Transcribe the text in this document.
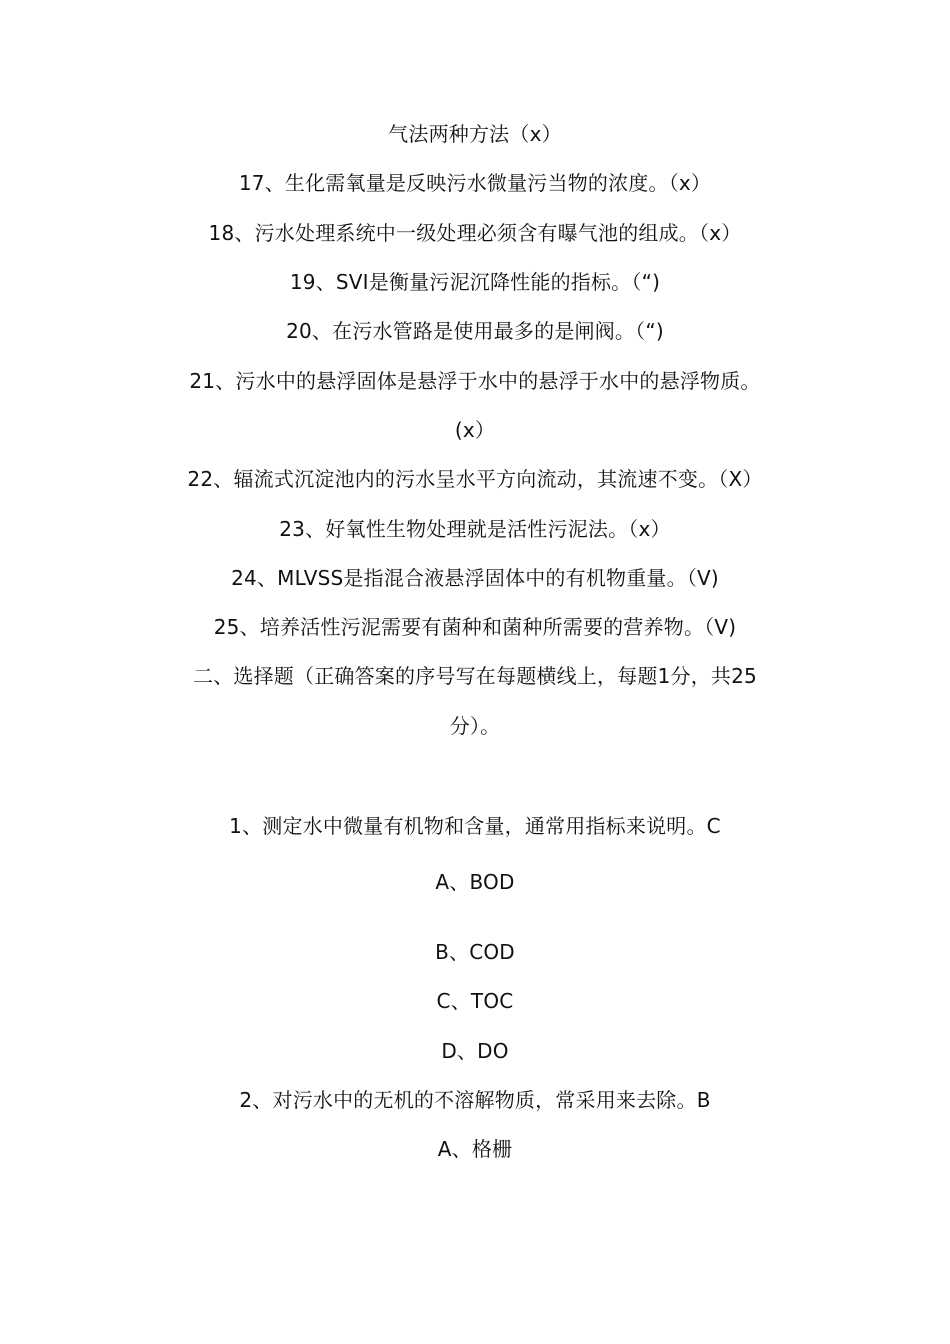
气法两种方法（x）
17、生化需氧量是反映污水微量污当物的浓度。（x）
18、污水处理系统中一级处理必须含有曝气池的组成。（x）
19、SVI是衡量污泥沉降性能的指标。（“)
20、在污水管路是使用最多的是闸阀。（“)
21、污水中的悬浮固体是悬浮于水中的悬浮于水中的悬浮物质。
(x）
22、辐流式沉淀池内的污水呈水平方向流动，其流速不变。（X）
23、好氧性生物处理就是活性污泥法。（x）
24、MLVSS是指混合液悬浮固体中的有机物重量。（V)
25、培养活性污泥需要有菌种和菌种所需要的营养物。（V)
二、选择题（正确答案的序号写在每题横线上，每题1分，共25
分）。
1、测定水中微量有机物和含量，通常用指标来说明。C
A、BOD
B、COD
C、TOC
D、DO
2、对污水中的无机的不溶解物质，常采用来去除。B
A、格栅
